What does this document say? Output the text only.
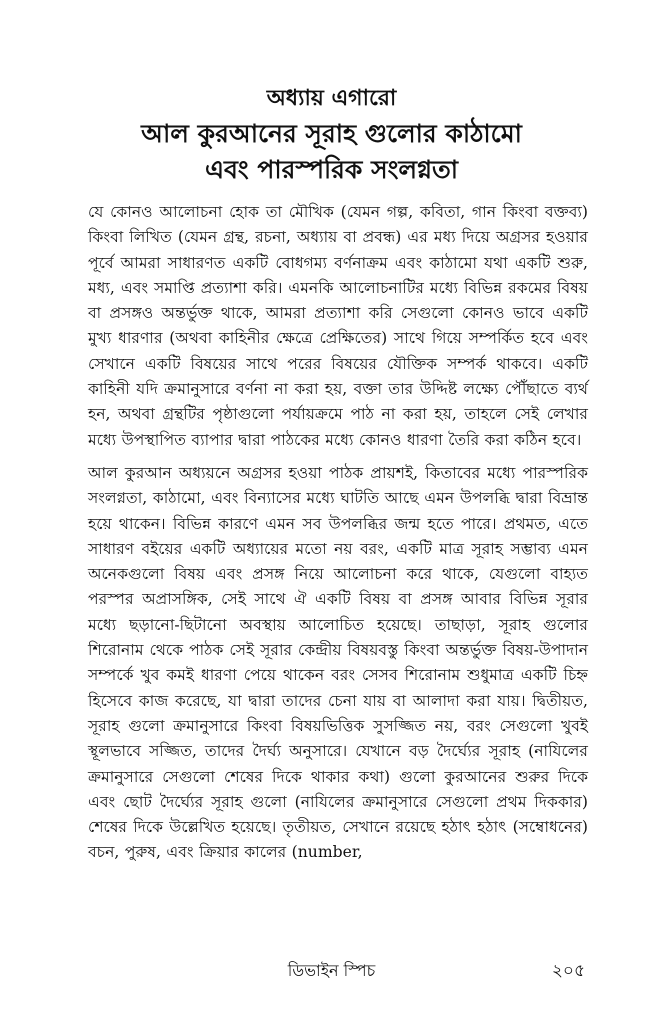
অধ্যায় এগারো
আল কুরআনের সূরাহ গুলোর কাঠামো
এবং পারস্পরিক সংলগ্নতা

যে কোনও আলোচনা হোক তা মৌখিক (যেমন গল্প, কবিতা, গান কিংবা বক্তব্য) কিংবা লিখিত (যেমন গ্রন্থ, রচনা, অধ্যায় বা প্রবন্ধ) এর মধ্য দিয়ে অগ্রসর হওয়ার পূর্বে আমরা সাধারণত একটি বোধগম্য বর্ণনাক্রম এবং কাঠামো যথা একটি শুরু, মধ্য, এবং সমাপ্তি প্রত্যাশা করি। এমনকি আলোচনাটির মধ্যে বিভিন্ন রকমের বিষয় বা প্রসঙ্গও অন্তর্ভুক্ত থাকে, আমরা প্রত্যাশা করি সেগুলো কোনও ভাবে একটি মুখ্য ধারণার (অথবা কাহিনীর ক্ষেত্রে প্রেক্ষিতের) সাথে গিয়ে সম্পর্কিত হবে এবং সেখানে একটি বিষয়ের সাথে পরের বিষয়ের যৌক্তিক সম্পর্ক থাকবে। একটি কাহিনী যদি ক্রমানুসারে বর্ণনা না করা হয়, বক্তা তার উদ্দিষ্ট লক্ষ্যে পৌঁছাতে ব্যর্থ হন, অথবা গ্রন্থটির পৃষ্ঠাগুলো পর্যায়ক্রমে পাঠ না করা হয়, তাহলে সেই লেখার মধ্যে উপস্থাপিত ব্যাপার দ্বারা পাঠকের মধ্যে কোনও ধারণা তৈরি করা কঠিন হবে।

আল কুরআন অধ্যয়নে অগ্রসর হওয়া পাঠক প্রায়শই, কিতাবের মধ্যে পারস্পরিক সংলগ্নতা, কাঠামো, এবং বিন্যাসের মধ্যে ঘাটতি আছে এমন উপলব্ধি দ্বারা বিভ্রান্ত হয়ে থাকেন। বিভিন্ন কারণে এমন সব উপলব্ধির জন্ম হতে পারে। প্রথমত, এতে সাধারণ বইয়ের একটি অধ্যায়ের মতো নয় বরং, একটি মাত্র সূরাহ সম্ভাব্য এমন অনেকগুলো বিষয় এবং প্রসঙ্গ নিয়ে আলোচনা করে থাকে, যেগুলো বাহ্যত পরস্পর অপ্রাসঙ্গিক, সেই সাথে ঐ একটি বিষয় বা প্রসঙ্গ আবার বিভিন্ন সূরার মধ্যে ছড়ানো-ছিটানো অবস্থায় আলোচিত হয়েছে। তাছাড়া, সূরাহ গুলোর শিরোনাম থেকে পাঠক সেই সূরার কেন্দ্রীয় বিষয়বস্তু কিংবা অন্তর্ভুক্ত বিষয়-উপাদান সম্পর্কে খুব কমই ধারণা পেয়ে থাকেন বরং সেসব শিরোনাম শুধুমাত্র একটি চিহ্ন হিসেবে কাজ করেছে, যা দ্বারা তাদের চেনা যায় বা আলাদা করা যায়। দ্বিতীয়ত, সূরাহ গুলো ক্রমানুসারে কিংবা বিষয়ভিত্তিক সুসজ্জিত নয়, বরং সেগুলো খুবই স্থূলভাবে সজ্জিত, তাদের দৈর্ঘ্য অনুসারে। যেখানে বড় দৈর্ঘ্যের সূরাহ (নাযিলের ক্রমানুসারে সেগুলো শেষের দিকে থাকার কথা) গুলো কুরআনের শুরুর দিকে এবং ছোট দৈর্ঘ্যের সূরাহ গুলো (নাযিলের ক্রমানুসারে সেগুলো প্রথম দিককার) শেষের দিকে উল্লেখিত হয়েছে। তৃতীয়ত, সেখানে রয়েছে হঠাৎ হঠাৎ (সম্বোধনের) বচন, পুরুষ, এবং ক্রিয়ার কালের (number,

ডিভাইন স্পিচ	২০৫
